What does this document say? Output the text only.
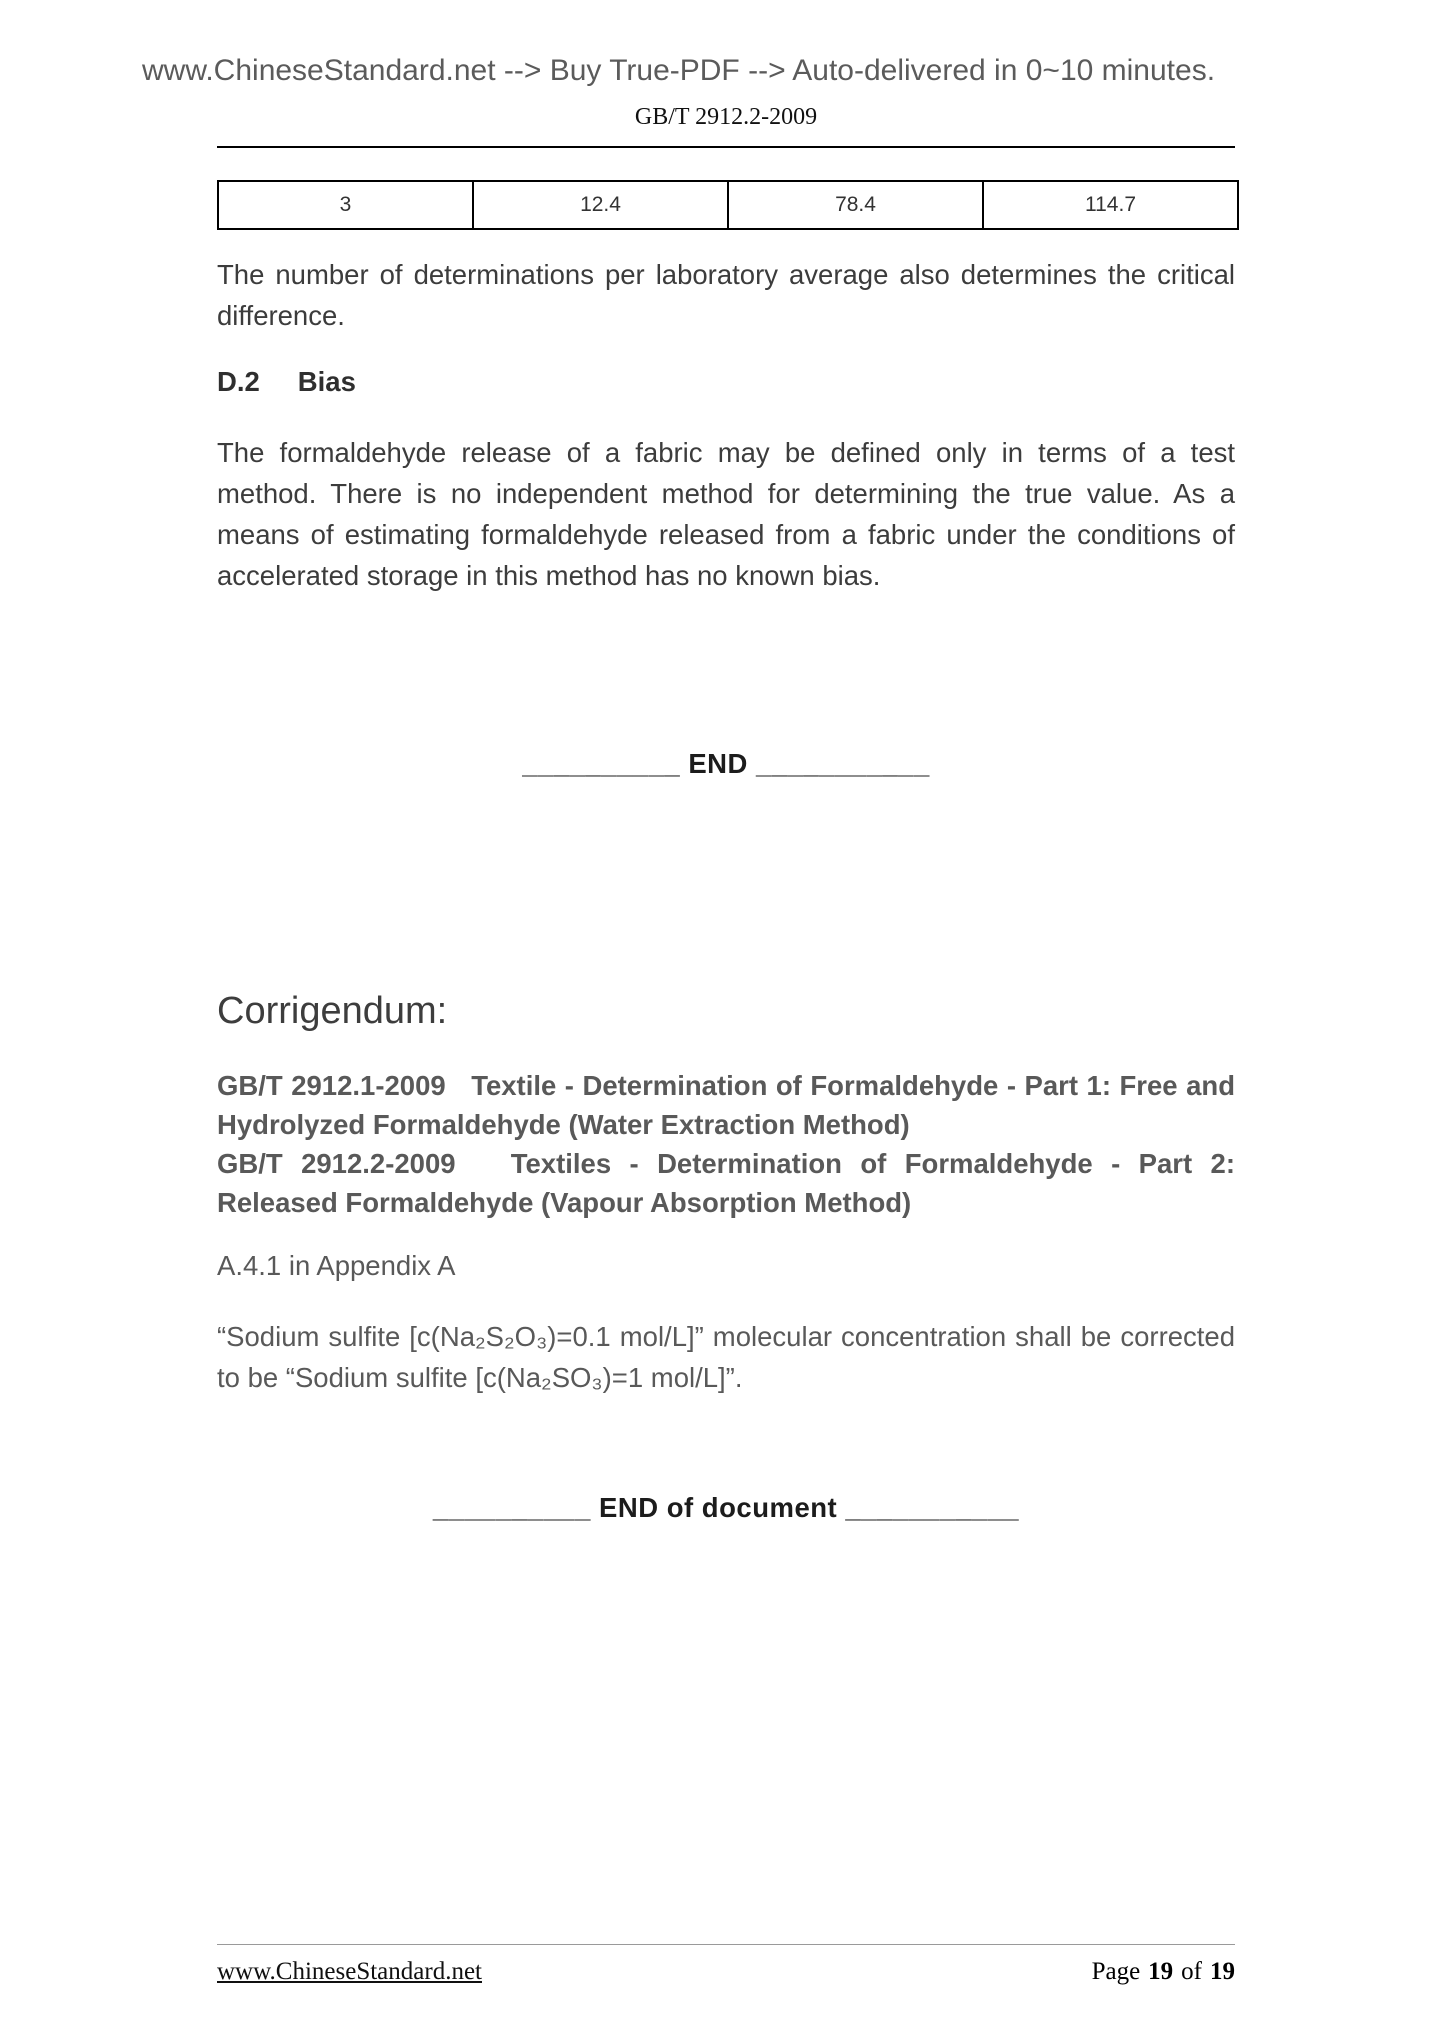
www.ChineseStandard.net --> Buy True-PDF --> Auto-delivered in 0~10 minutes.
GB/T 2912.2-2009
3	12.4	78.4	114.7
The number of determinations per laboratory average also determines the critical difference.
D.2 Bias
The formaldehyde release of a fabric may be defined only in terms of a test method. There is no independent method for determining the true value. As a means of estimating formaldehyde released from a fabric under the conditions of accelerated storage in this method has no known bias.
__________ END ___________
Corrigendum:

GB/T 2912.1-2009   Textile - Determination of Formaldehyde - Part 1: Free and Hydrolyzed Formaldehyde (Water Extraction Method)

GB/T 2912.2-2009   Textiles - Determination of Formaldehyde - Part 2: Released Formaldehyde (Vapour Absorption Method)

A.4.1 in Appendix A
“Sodium sulfite [c(Na₂S₂O₃)=0.1 mol/L]” molecular concentration shall be corrected to be “Sodium sulfite [c(Na₂SO₃)=1 mol/L]”.
__________ END of document ___________
www.ChineseStandard.net	Page 19 of 19
